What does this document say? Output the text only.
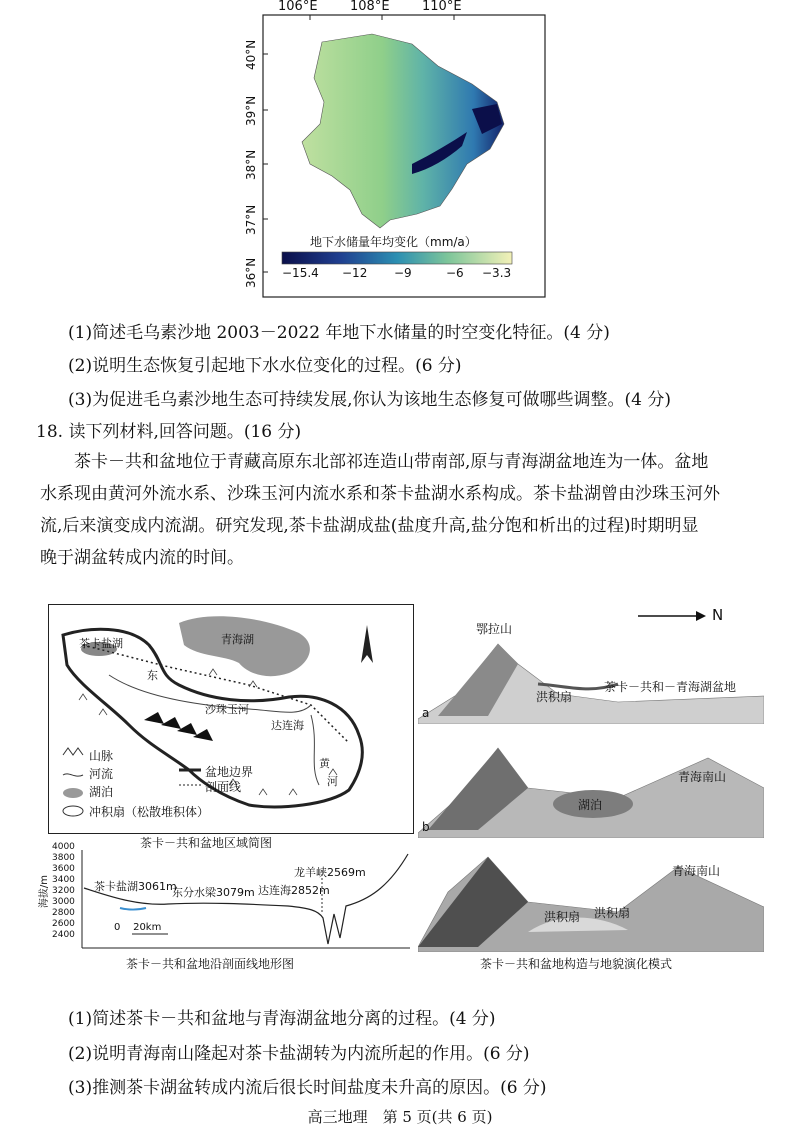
106°E 108°E 110°E
40°N
39°N
38°N
37°N
36°N
地下水储量年均变化（mm/a）
−15.4 −12 −9	−6 −3.3
(1)简述毛乌素沙地 2003－2022 年地下水储量的时空变化特征。(4 分)
(2)说明生态恢复引起地下水水位变化的过程。(6 分)
(3)为促进毛乌素沙地生态可持续发展,你认为该地生态修复可做哪些调整。(4 分)
18. 读下列材料,回答问题。(16 分)
茶卡－共和盆地位于青藏高原东北部祁连造山带南部,原与青海湖盆地连为一体。盆地
水系现由黄河外流水系、沙珠玉河内流水系和茶卡盐湖水系构成。茶卡盐湖曾由沙珠玉河外
流,后来演变成内流湖。研究发现,茶卡盐湖成盐(盐度升高,盐分饱和析出的过程)时期明显
晚于湖盆转成内流的时间。
茶卡盐湖	青海湖
沙珠玉河
达连海
东
黄
河
山脉
河流
湖泊
冲积扇（松散堆积体）
盆地边界
剖面线
茶卡－共和盆地区域简图
海拔/m
4000
3800
3600
3400
3200
3000
2800
2600
2400
茶卡盐湖3061m
东分水梁3079m 达连海2852m
龙羊峡2569m
0    20km
茶卡－共和盆地沿剖面线地形图
N
鄂拉山
洪积扇
茶卡－共和－青海湖盆地
a
湖泊
青海南山
b
青海南山
洪积扇 洪积扇
茶卡－共和盆地构造与地貌演化模式
(1)简述茶卡－共和盆地与青海湖盆地分离的过程。(4 分)
(2)说明青海南山隆起对茶卡盐湖转为内流所起的作用。(6 分)
(3)推测茶卡湖盆转成内流后很长时间盐度未升高的原因。(6 分)
高三地理　第 5 页(共 6 页)
